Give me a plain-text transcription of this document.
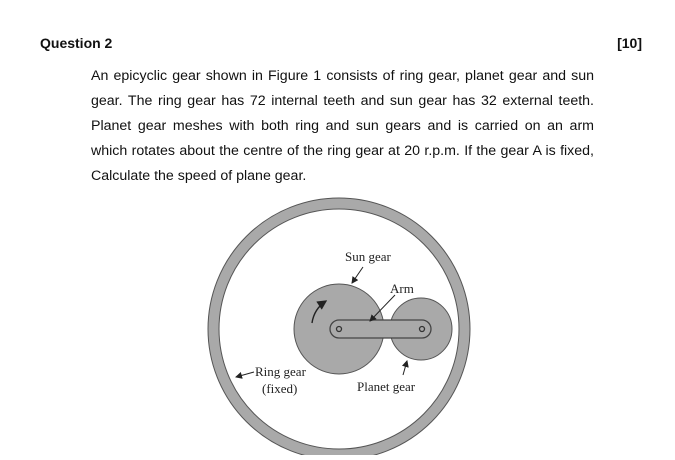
Question 2	[10]
An epicyclic gear shown in Figure 1 consists of ring gear, planet gear and sun
gear. The ring gear has 72 internal teeth and sun gear has 32 external teeth.
Planet gear meshes with both ring and sun gears and is carried on an arm
which rotates about the centre of the ring gear at 20 r.p.m. If the gear A is fixed,
Calculate the speed of plane gear.
Sun gear
Arm
Ring gear
(fixed)	Planet gear
